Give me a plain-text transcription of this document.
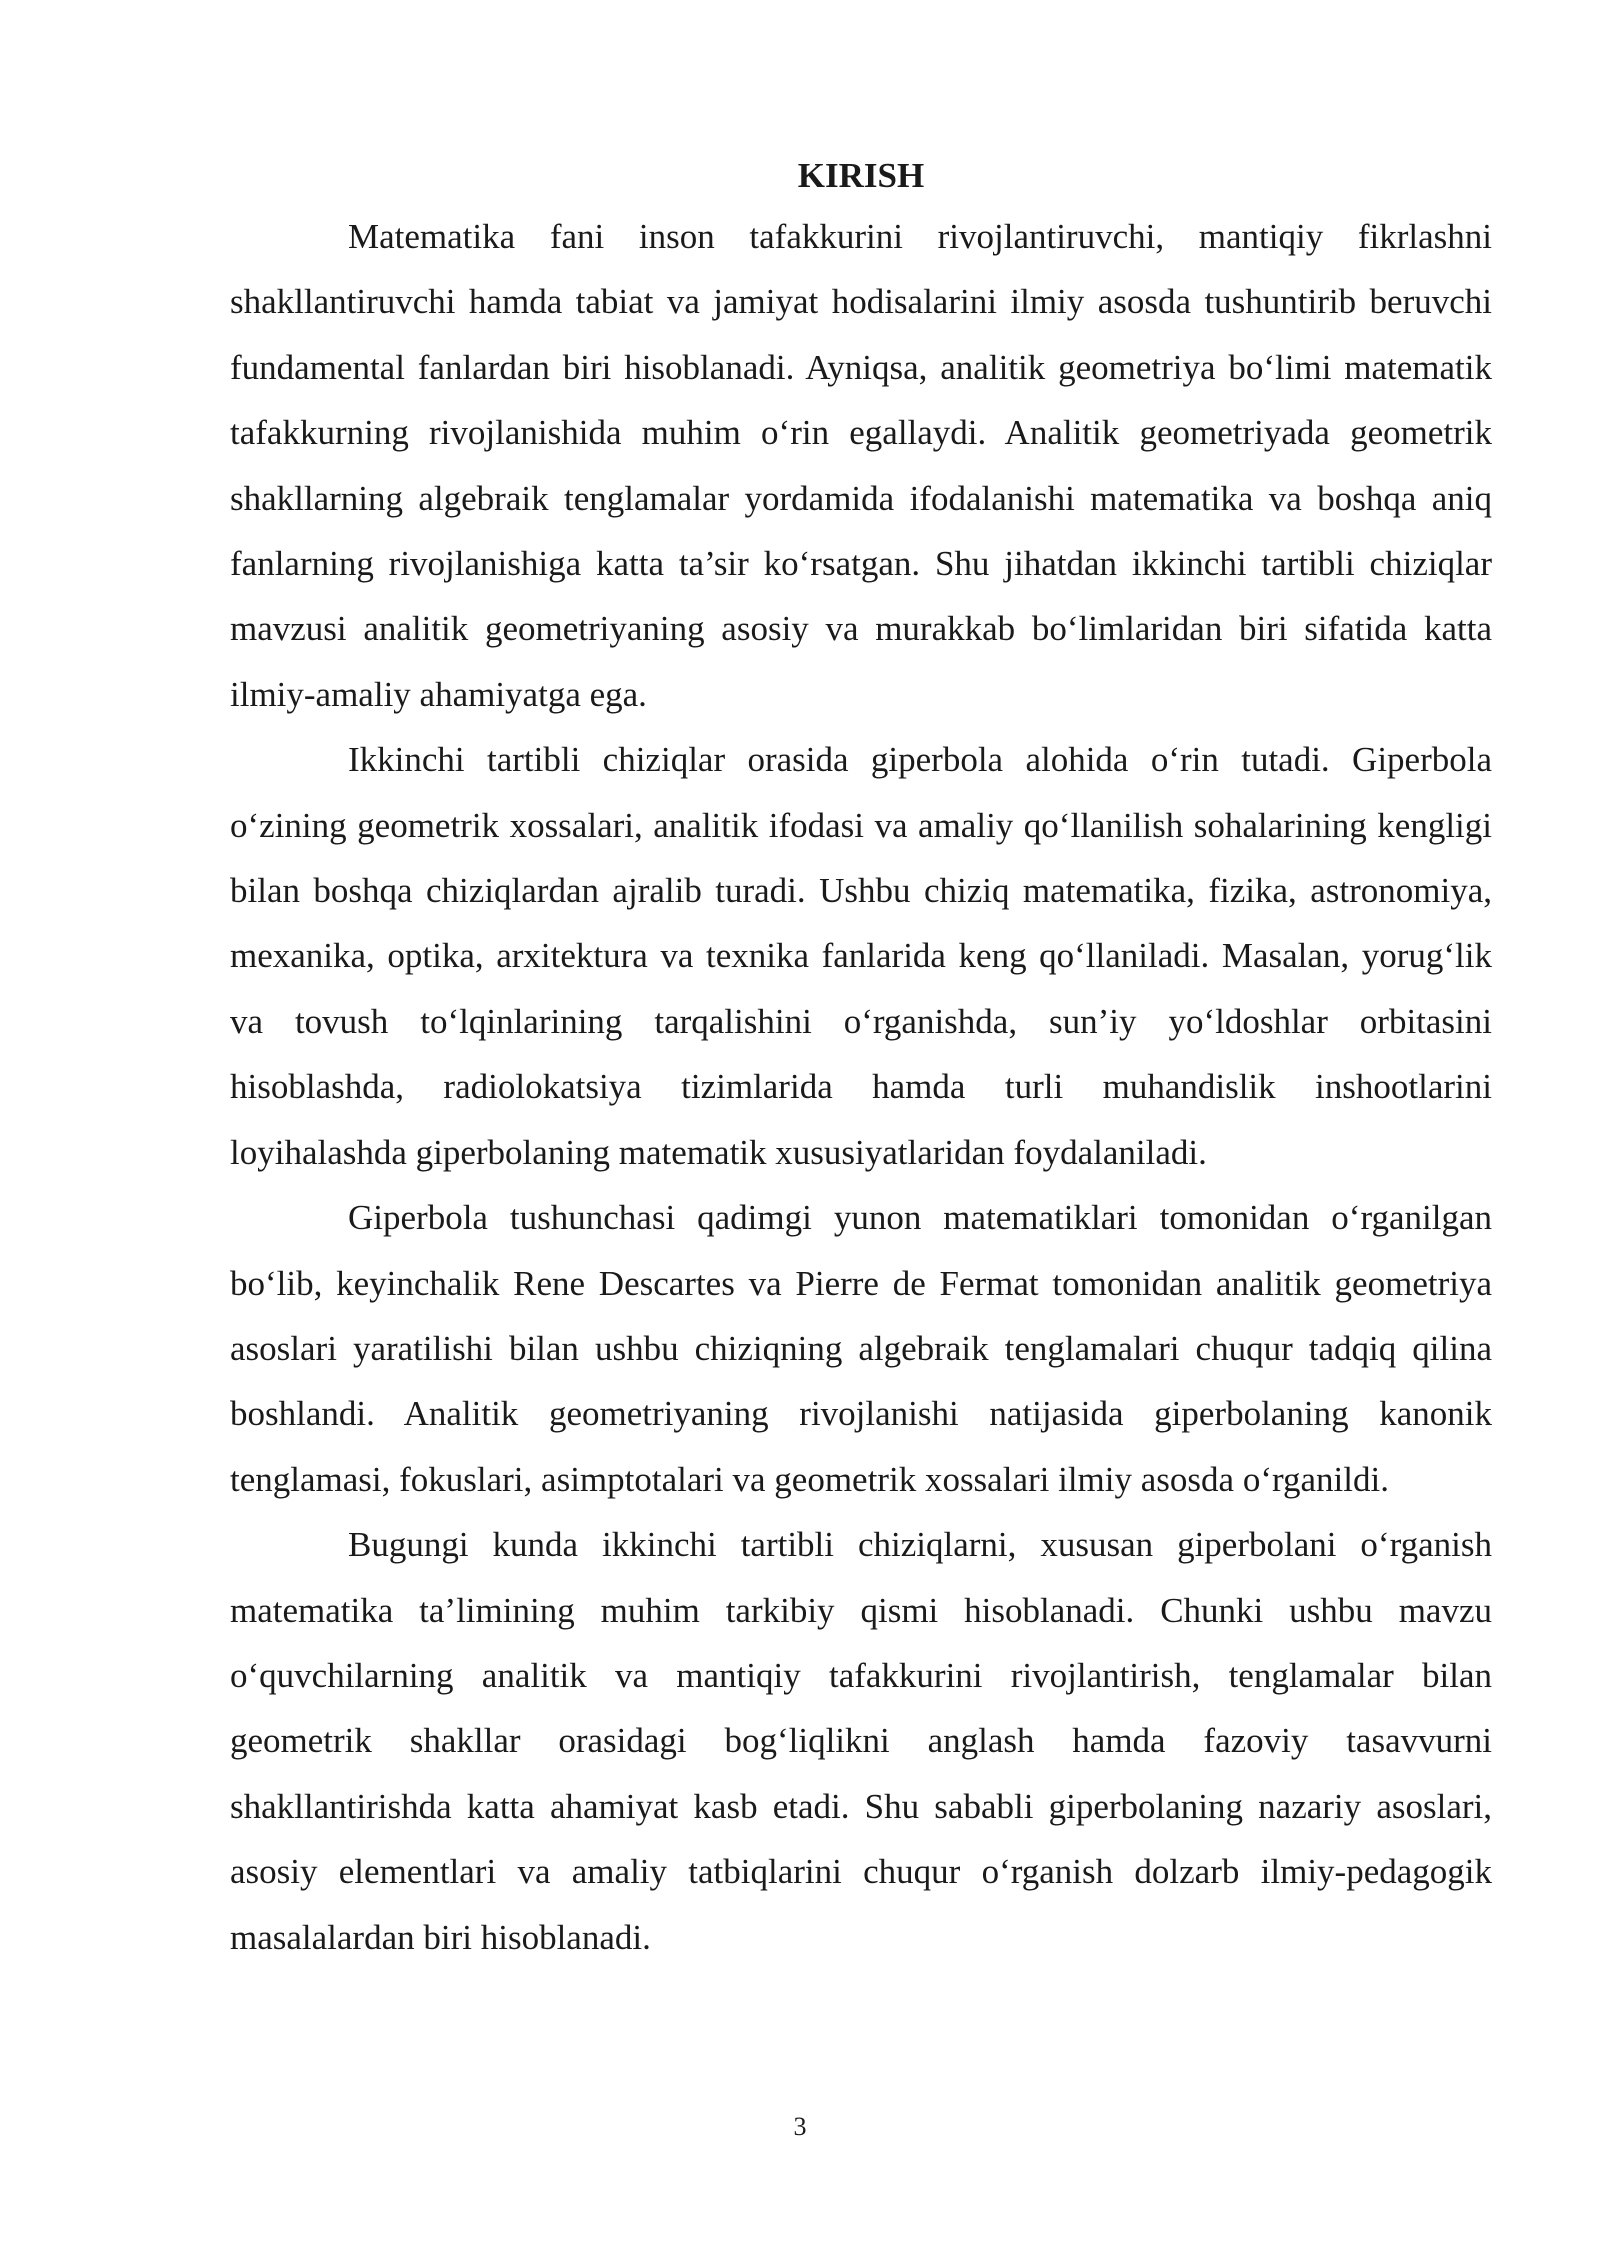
KIRISH

Matematika fani inson tafakkurini rivojlantiruvchi, mantiqiy fikrlashni shakllantiruvchi hamda tabiat va jamiyat hodisalarini ilmiy asosda tushuntirib beruvchi fundamental fanlardan biri hisoblanadi. Ayniqsa, analitik geometriya bo‘limi matematik tafakkurning rivojlanishida muhim o‘rin egallaydi. Analitik geometriyada geometrik shakllarning algebraik tenglamalar yordamida ifodalanishi matematika va boshqa aniq fanlarning rivojlanishiga katta ta’sir ko‘rsatgan. Shu jihatdan ikkinchi tartibli chiziqlar mavzusi analitik geometriyaning asosiy va murakkab bo‘limlaridan biri sifatida katta ilmiy-amaliy ahamiyatga ega.

Ikkinchi tartibli chiziqlar orasida giperbola alohida o‘rin tutadi. Giperbola o‘zining geometrik xossalari, analitik ifodasi va amaliy qo‘llanilish sohalarining kengligi bilan boshqa chiziqlardan ajralib turadi. Ushbu chiziq matematika, fizika, astronomiya, mexanika, optika, arxitektura va texnika fanlarida keng qo‘llaniladi. Masalan, yorug‘lik va tovush to‘lqinlarining tarqalishini o‘rganishda, sun’iy yo‘ldoshlar orbitasini hisoblashda, radiolokatsiya tizimlarida hamda turli muhandislik inshootlarini loyihalashda giperbolaning matematik xususiyatlaridan foydalaniladi.

Giperbola tushunchasi qadimgi yunon matematiklari tomonidan o‘rganilgan bo‘lib, keyinchalik Rene Descartes va Pierre de Fermat tomonidan analitik geometriya asoslari yaratilishi bilan ushbu chiziqning algebraik tenglamalari chuqur tadqiq qilina boshlandi. Analitik geometriyaning rivojlanishi natijasida giperbolaning kanonik tenglamasi, fokuslari, asimptotalari va geometrik xossalari ilmiy asosda o‘rganildi.

Bugungi kunda ikkinchi tartibli chiziqlarni, xususan giperbolani o‘rganish matematika ta’limining muhim tarkibiy qismi hisoblanadi. Chunki ushbu mavzu o‘quvchilarning analitik va mantiqiy tafakkurini rivojlantirish, tenglamalar bilan geometrik shakllar orasidagi bog‘liqlikni anglash hamda fazoviy tasavvurni shakllantirishda katta ahamiyat kasb etadi. Shu sababli giperbolaning nazariy asoslari, asosiy elementlari va amaliy tatbiqlarini chuqur o‘rganish dolzarb ilmiy-pedagogik masalalardan biri hisoblanadi.

3
